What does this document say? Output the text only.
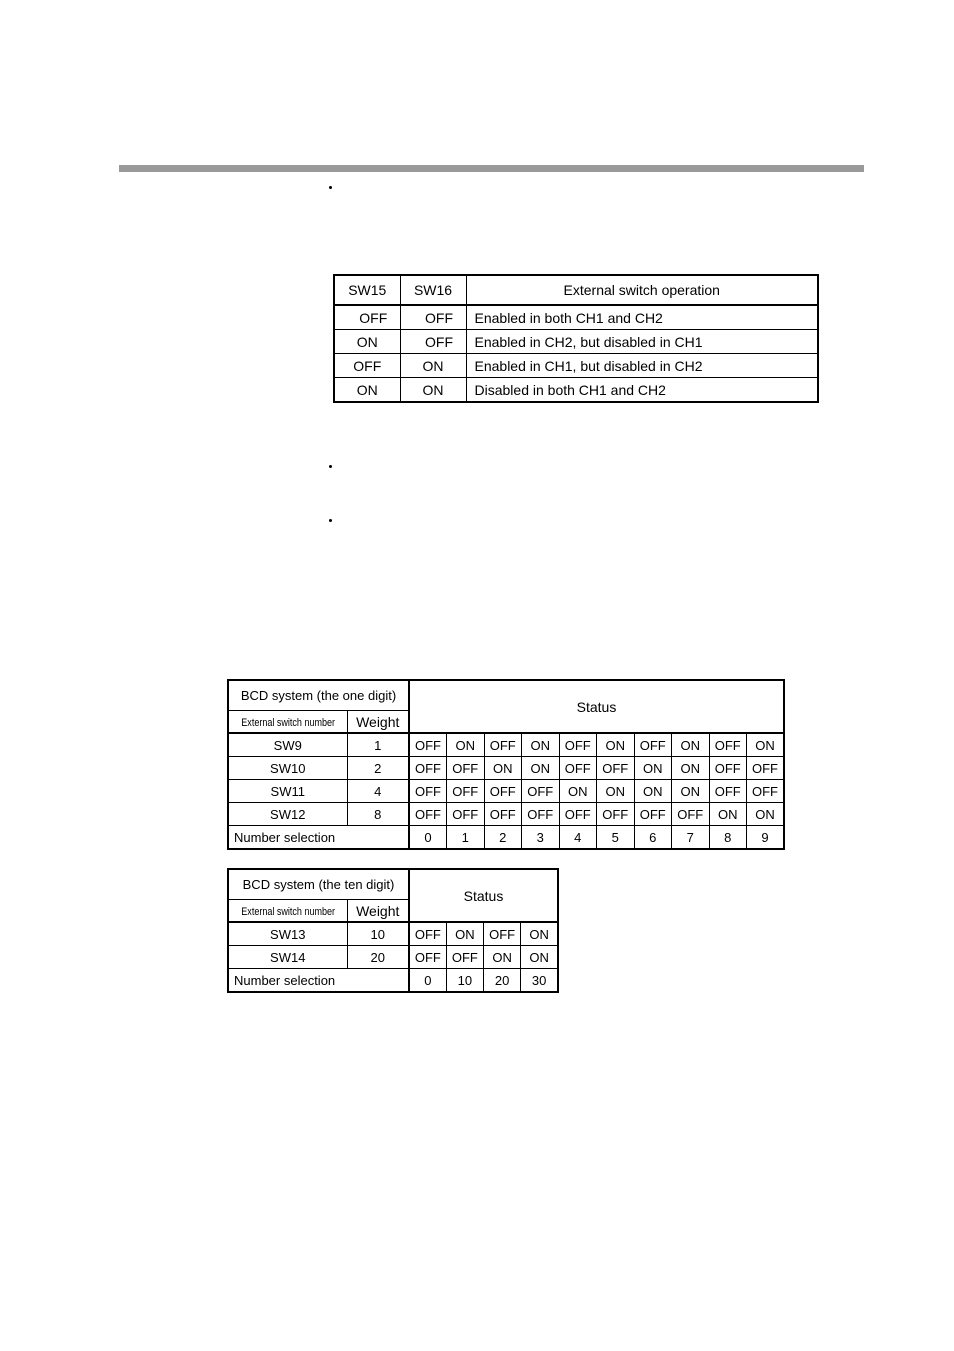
SW15	SW16	External switch operation
OFF	OFF	Enabled in both CH1 and CH2
ON	OFF	Enabled in CH2, but disabled in CH1
OFF	ON	Enabled in CH1, but disabled in CH2
ON	ON	Disabled in both CH1 and CH2
BCD system (the one digit)		Status									
External switch number	Weight										
SW9	1	OFF	ON	OFF	ON	OFF	ON	OFF	ON	OFF	ON
SW10	2	OFF	OFF	ON	ON	OFF	OFF	ON	ON	OFF	OFF
SW11	4	OFF	OFF	OFF	OFF	ON	ON	ON	ON	OFF	OFF
SW12	8	OFF	OFF	OFF	OFF	OFF	OFF	OFF	OFF	ON	ON
Number selection		0	1	2	3	4	5	6	7	8	9
BCD system (the ten digit)		Status			
External switch number	Weight				
SW13	10	OFF	ON	OFF	ON
SW14	20	OFF	OFF	ON	ON
Number selection		0	10	20	30
